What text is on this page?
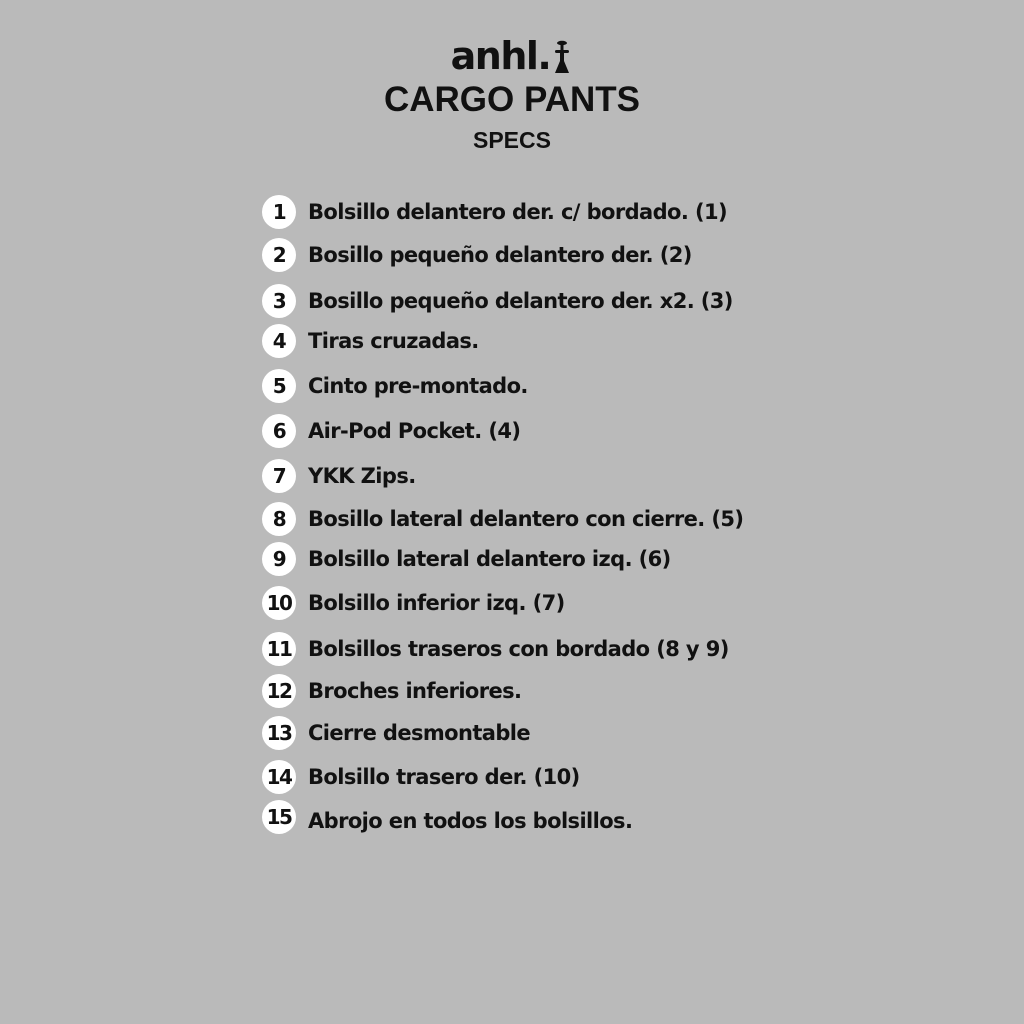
anhl.
CARGO PANTS
SPECS
1	Bolsillo delantero der. c/ bordado. (1)
2	Bosillo pequeño delantero der. (2)
3	Bosillo pequeño delantero der. x2. (3)
4	Tiras cruzadas.
5	Cinto pre-montado.
6	Air-Pod Pocket. (4)
7	YKK Zips.
8	Bosillo lateral delantero con cierre. (5)
9	Bolsillo lateral delantero izq. (6)
10 Bolsillo inferior izq. (7)
11 Bolsillos traseros con bordado (8 y 9)
12 Broches inferiores.
13 Cierre desmontable
14 Bolsillo trasero der. (10)
15 Abrojo en todos los bolsillos.
